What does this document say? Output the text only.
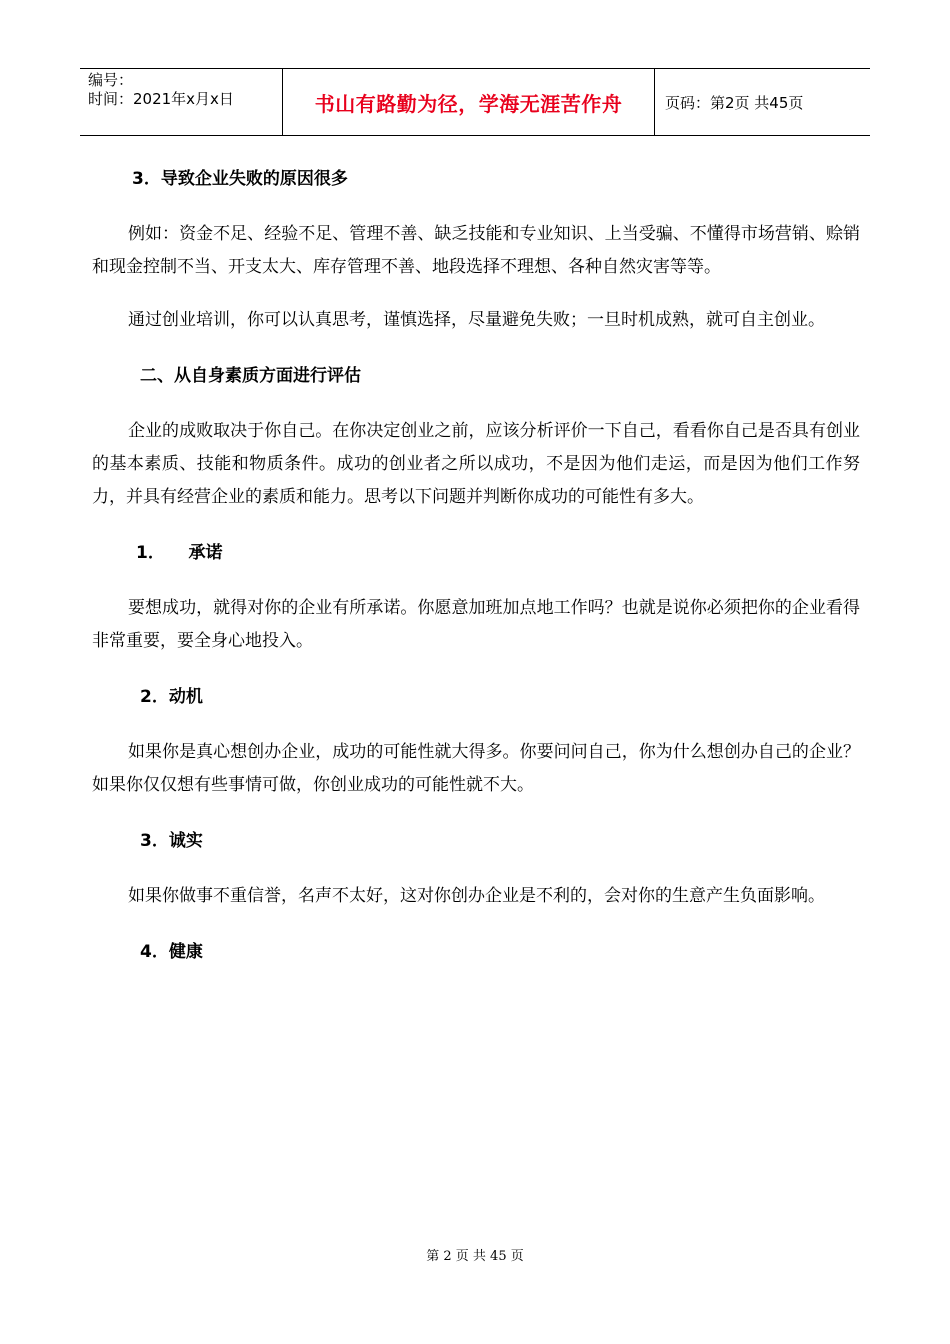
编号：
时间：2021年x月x日	书山有路勤为径，学海无涯苦作舟	页码：第2页 共45页
3．导致企业失败的原因很多

例如：资金不足、经验不足、管理不善、缺乏技能和专业知识、上当受骗、不懂得市场营销、赊销和现金控制不当、开支太大、库存管理不善、地段选择不理想、各种自然灾害等等。

通过创业培训，你可以认真思考，谨慎选择，尽量避免失败；一旦时机成熟，就可自主创业。

二、从自身素质方面进行评估

企业的成败取决于你自己。在你决定创业之前，应该分析评价一下自己，看看你自己是否具有创业的基本素质、技能和物质条件。成功的创业者之所以成功，不是因为他们走运，而是因为他们工作努力，并具有经营企业的素质和能力。思考以下问题并判断你成功的可能性有多大。

1．    承诺

要想成功，就得对你的企业有所承诺。你愿意加班加点地工作吗？也就是说你必须把你的企业看得非常重要，要全身心地投入。

2．动机

如果你是真心想创办企业，成功的可能性就大得多。你要问问自己，你为什么想创办自己的企业？如果你仅仅想有些事情可做，你创业成功的可能性就不大。

3．诚实

如果你做事不重信誉，名声不太好，这对你创办企业是不利的，会对你的生意产生负面影响。

4．健康
第 2 页 共 45 页
